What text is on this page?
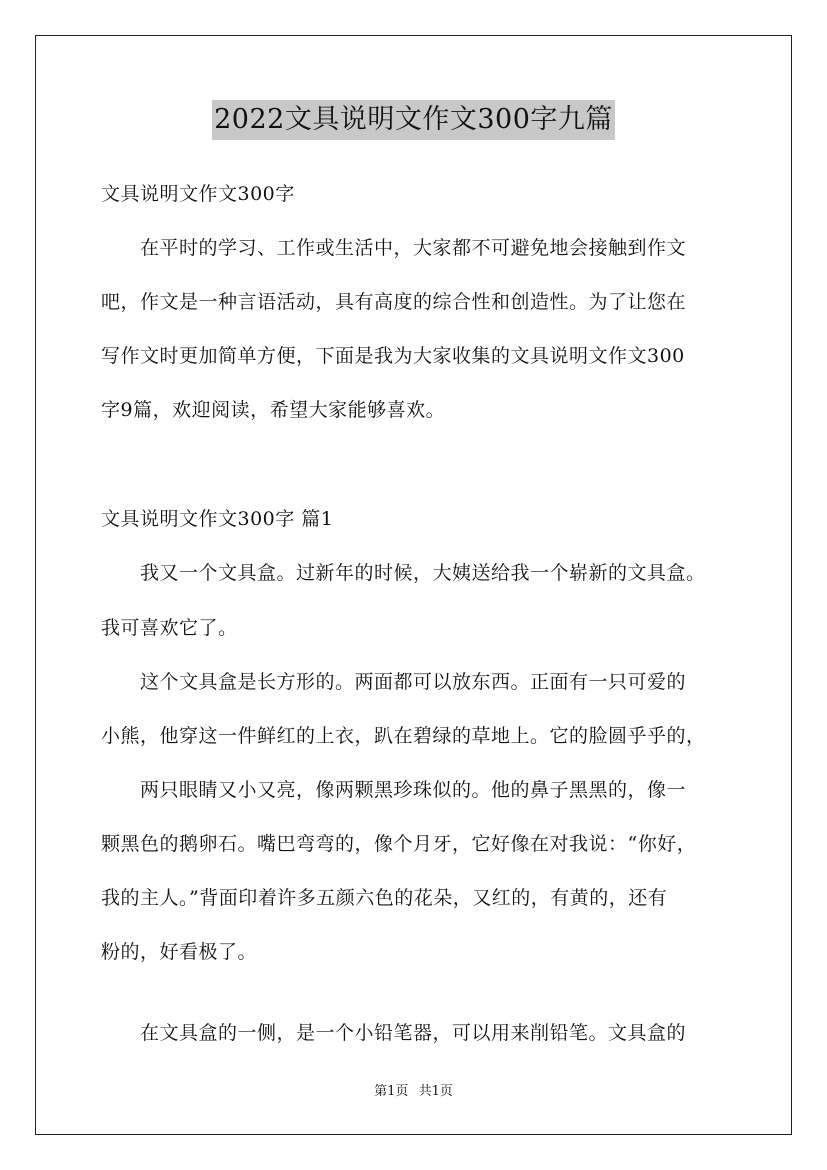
2022文具说明文作文300字九篇
文具说明文作文300字
　　在平时的学习、工作或生活中，大家都不可避免地会接触到作文
吧，作文是一种言语活动，具有高度的综合性和创造性。为了让您在
写作文时更加简单方便，下面是我为大家收集的文具说明文作文300
字9篇，欢迎阅读，希望大家能够喜欢。
文具说明文作文300字 篇1
　　我又一个文具盒。过新年的时候，大姨送给我一个崭新的文具盒。
我可喜欢它了。
　　这个文具盒是长方形的。两面都可以放东西。正面有一只可爱的
小熊，他穿这一件鲜红的上衣，趴在碧绿的草地上。它的脸圆乎乎的，
　　两只眼睛又小又亮，像两颗黑珍珠似的。他的鼻子黑黑的，像一
颗黑色的鹅卵石。嘴巴弯弯的，像个月牙，它好像在对我说：“你好，
我的主人。”背面印着许多五颜六色的花朵，又红的，有黄的，还有
粉的，好看极了。
　　在文具盒的一侧，是一个小铅笔器，可以用来削铅笔。文具盒的
第1页 共1页
